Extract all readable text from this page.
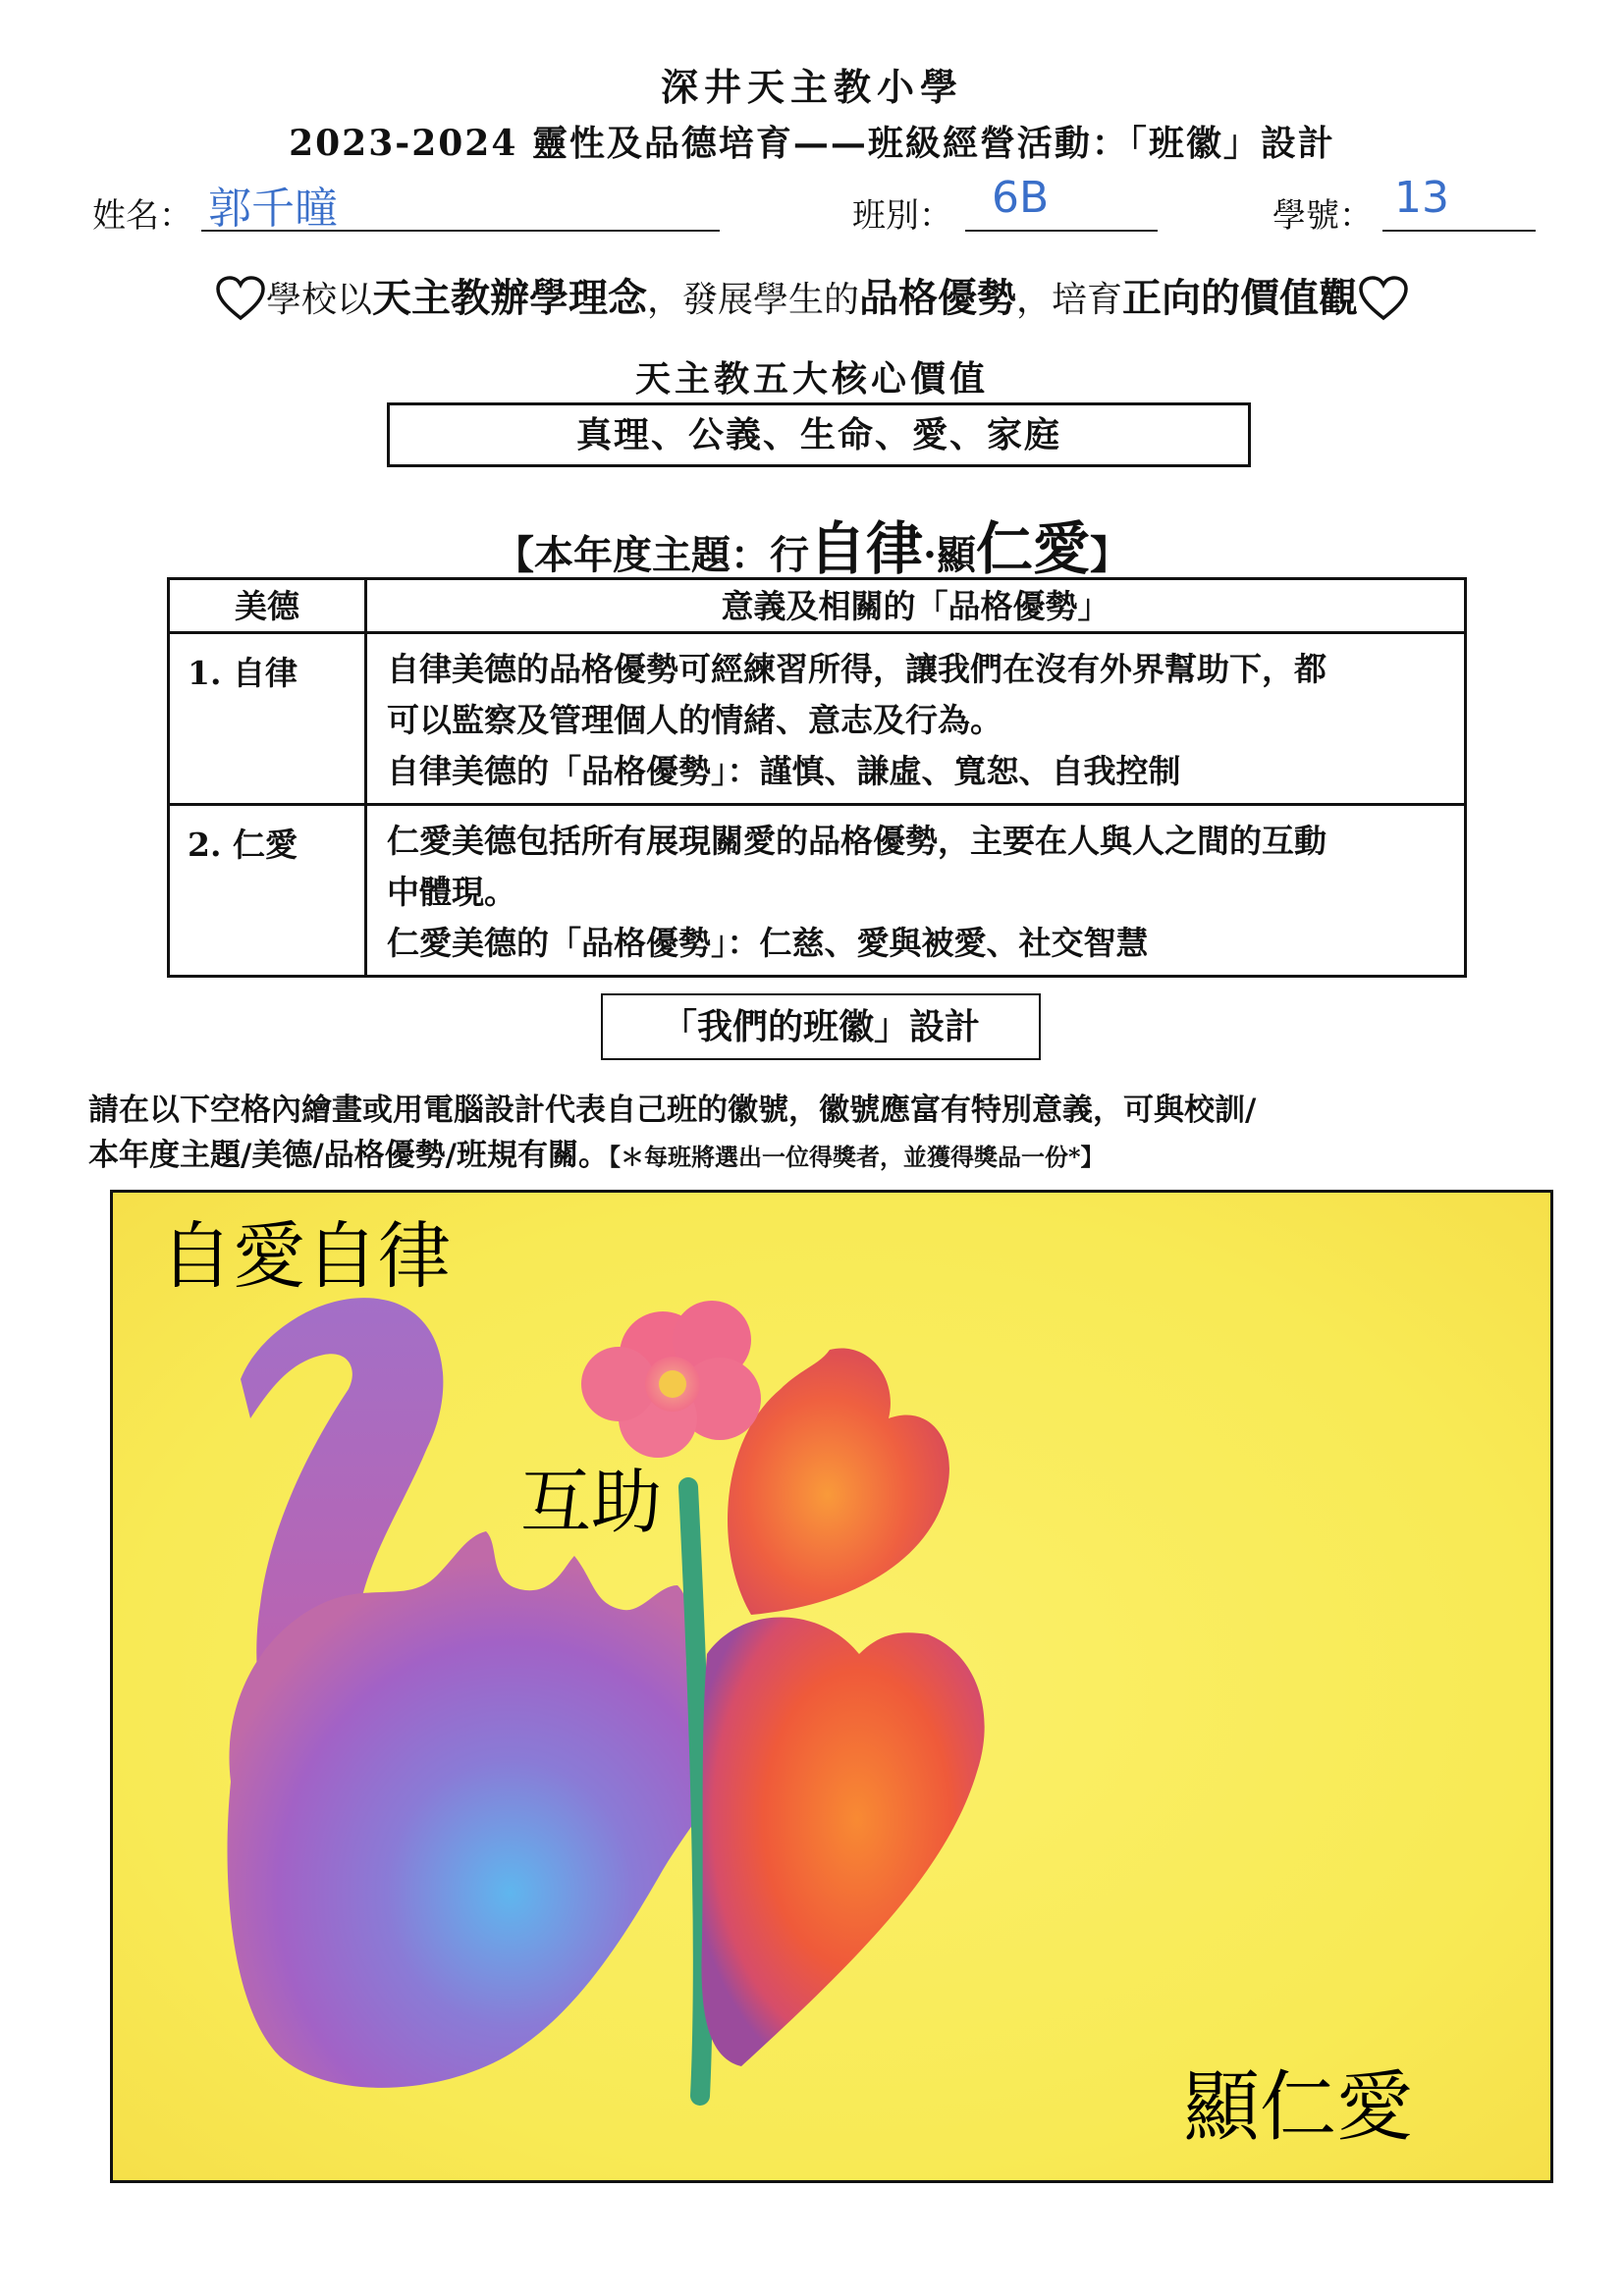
深井天主教小學
2023-2024 靈性及品德培育——班級經營活動：「班徽」設計
姓名： 郭千曈	班別： 6B	學號： 13
學校以天主教辦學理念，發展學生的品格優勢，培育正向的價值觀
天主教五大核心價值
真理、公義、生命、愛、家庭
【本年度主題：行自律·顯仁愛】
美德	意義及相關的「品格優勢」
1. 自律	自律美德的品格優勢可經練習所得，讓我們在沒有外界幫助下，都
可以監察及管理個人的情緒、意志及行為。
自律美德的「品格優勢」：謹慎、謙虛、寬恕、自我控制

2. 仁愛	仁愛美德包括所有展現關愛的品格優勢，主要在人與人之間的互動
中體現。
仁愛美德的「品格優勢」：仁慈、愛與被愛、社交智慧
「我們的班徽」設計
請在以下空格內繪畫或用電腦設計代表自己班的徽號，徽號應富有特別意義，可與校訓/
本年度主題/美德/品格優勢/班規有關。【＊每班將選出一位得獎者，並獲得獎品一份*】
自愛自律
互助
顯仁愛
